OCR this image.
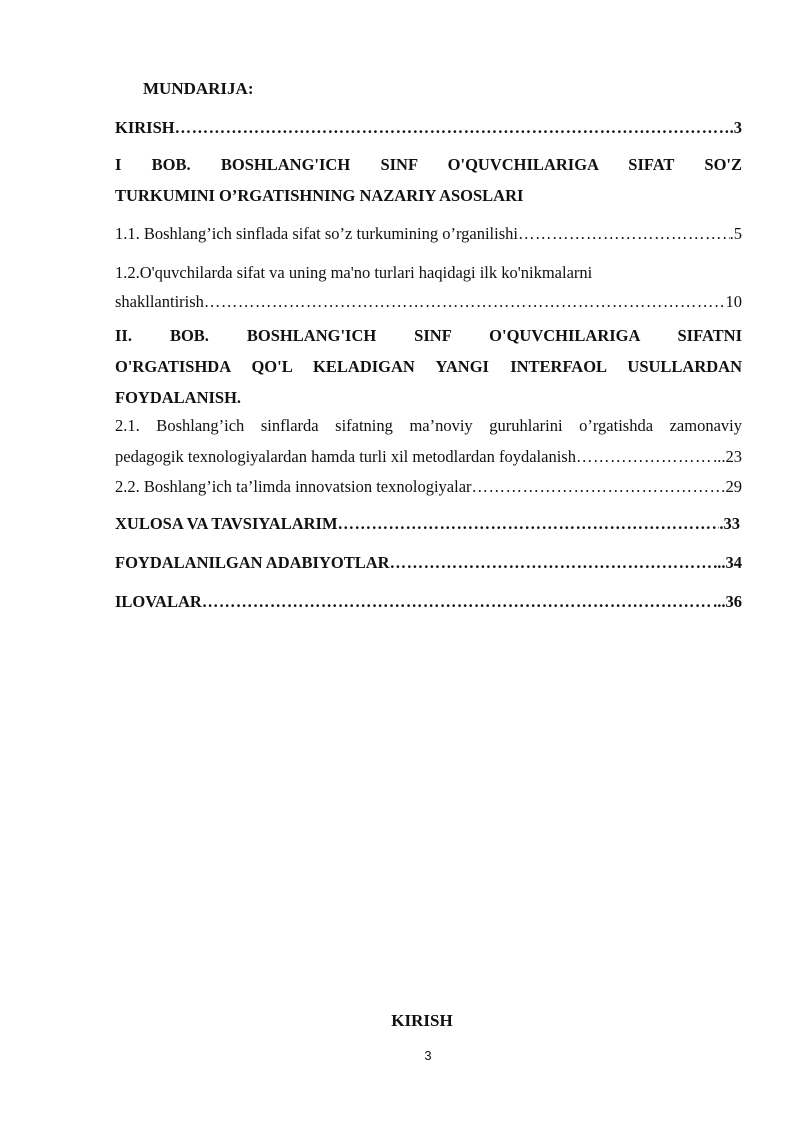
MUNDARIJA:
KIRISH ……………………………………………………………………………………………………………………………………………………	.3
I BOB. BOSHLANG'ICH SINF O'QUVCHILARIGA SIFAT SO'Z
TURKUMINI O’RGATISHNING NAZARIY ASOSLARI
1.1. Boshlang’ich sinflada sifat so’z turkumining o’rganilishi ……………………………………………………………………………………………………………………………………………………	.5
1.2.O'quvchilarda sifat va uning ma'no turlari haqidagi ilk ko'nikmalarni
shakllantirish ……………………………………………………………………………………………………………………………………………………	10
II. BOB. BOSHLANG'ICH SINF O'QUVCHILARIGA SIFATNI
O'RGATISHDA QO'L KELADIGAN YANGI INTERFAOL USULLARDAN
FOYDALANISH.
2.1. Boshlang’ich sinflarda sifatning ma’noviy guruhlarini o’rgatishda zamonaviy
pedagogik texnologiyalardan hamda turli xil metodlardan foydalanish ……………………………………………………………………………………………………………………………………………………	...23
2.2. Boshlang’ich ta’limda innovatsion texnologiyalar ……………………………………………………………………………………………………………………………………………………	29
XULOSA VA TAVSIYALARIM ……………………………………………………………………………………………………………………………………………………	.33
FOYDALANILGAN ADABIYOTLAR ……………………………………………………………………………………………………………………………………………………	..34
ILOVALAR ……………………………………………………………………………………………………………………………………………………	...36
KIRISH
3
